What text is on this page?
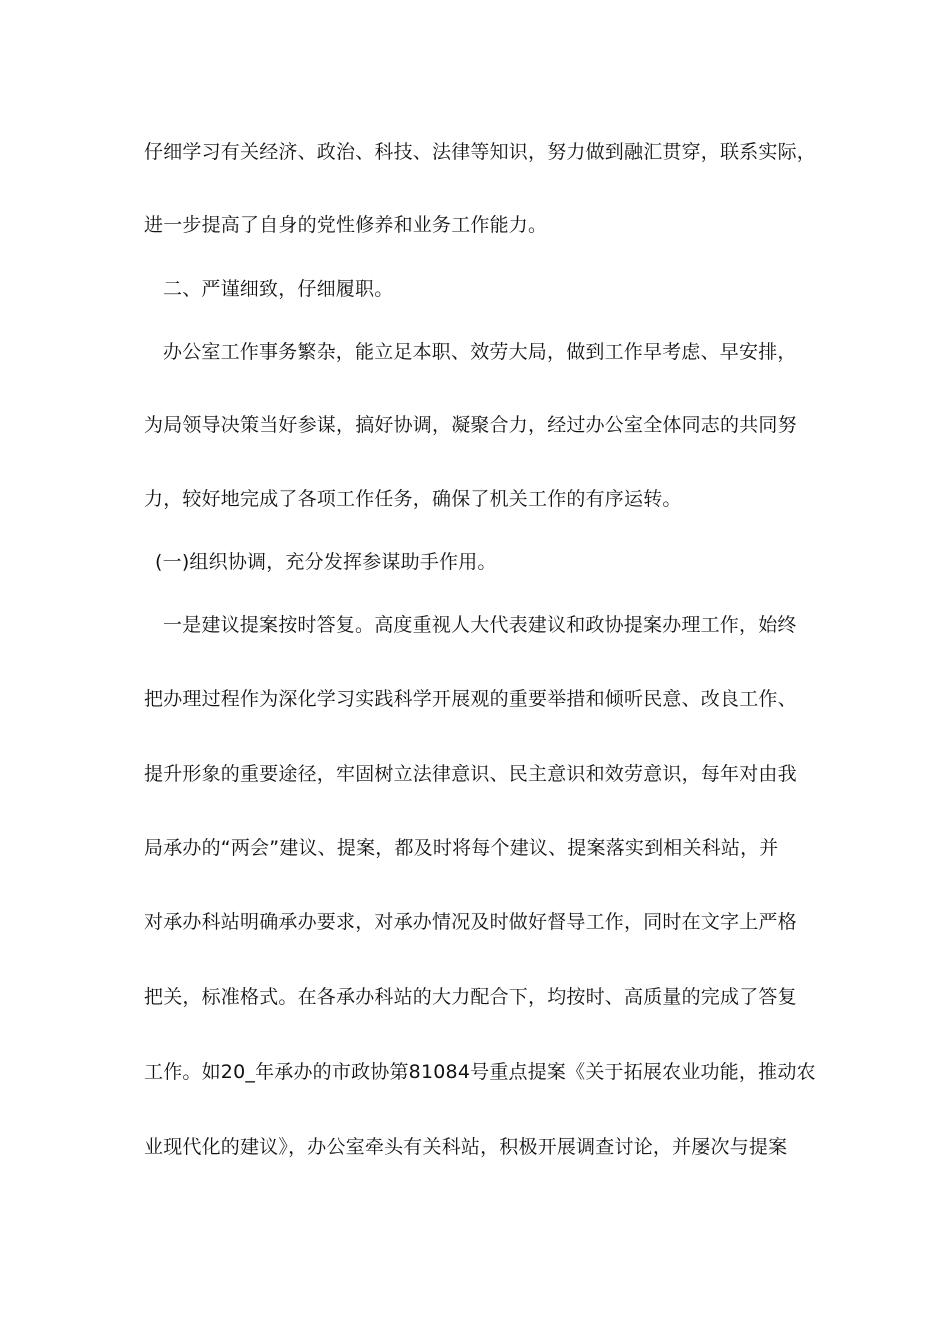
仔细学习有关经济、政治、科技、法律等知识，努力做到融汇贯穿，联系实际，
进一步提高了自身的党性修养和业务工作能力。
二、严谨细致，仔细履职。
办公室工作事务繁杂，能立足本职、效劳大局，做到工作早考虑、早安排，
为局领导决策当好参谋，搞好协调，凝聚合力，经过办公室全体同志的共同努
力，较好地完成了各项工作任务，确保了机关工作的有序运转。
(一)组织协调，充分发挥参谋助手作用。
一是建议提案按时答复。高度重视人大代表建议和政协提案办理工作，始终
把办理过程作为深化学习实践科学开展观的重要举措和倾听民意、改良工作、
提升形象的重要途径，牢固树立法律意识、民主意识和效劳意识，每年对由我
局承办的“两会”建议、提案，都及时将每个建议、提案落实到相关科站，并
对承办科站明确承办要求，对承办情况及时做好督导工作，同时在文字上严格
把关，标准格式。在各承办科站的大力配合下，均按时、高质量的完成了答复
工作。如20_年承办的市政协第81084号重点提案《关于拓展农业功能，推动农
业现代化的建议》，办公室牵头有关科站，积极开展调查讨论，并屡次与提案
